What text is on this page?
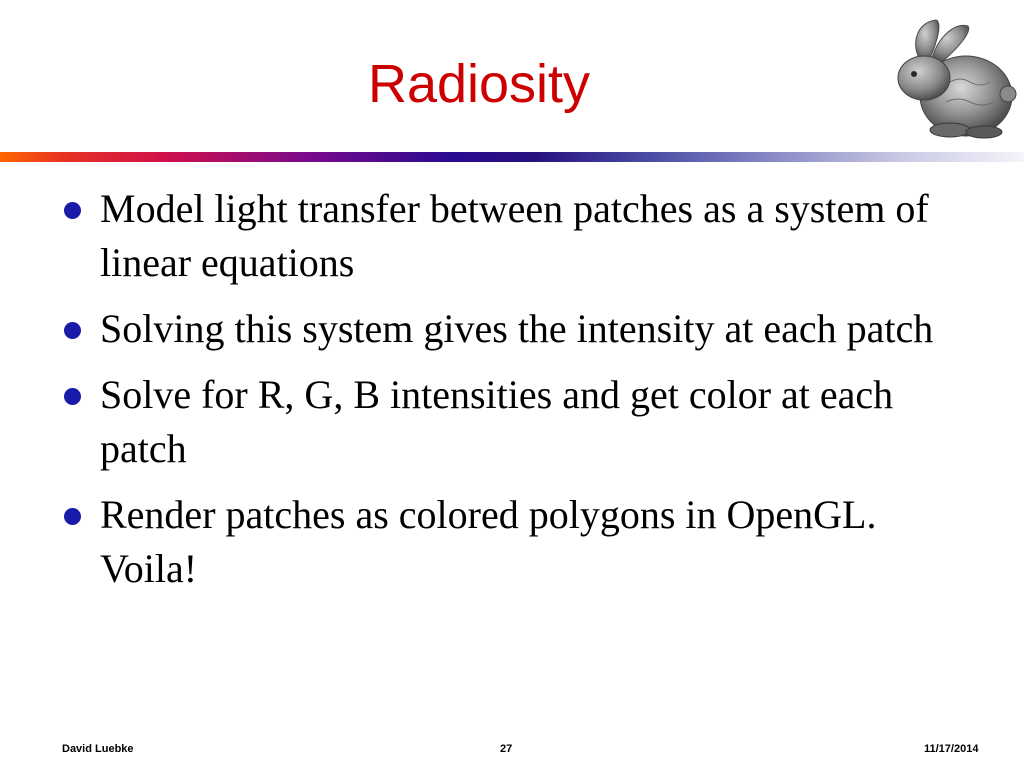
Radiosity
Model light transfer between patches as a system of linear equations
Solving this system gives the intensity at each patch
Solve for R, G, B intensities and get color at each patch
Render patches as colored polygons in OpenGL. Voila!
David Luebke	27	11/17/2014
